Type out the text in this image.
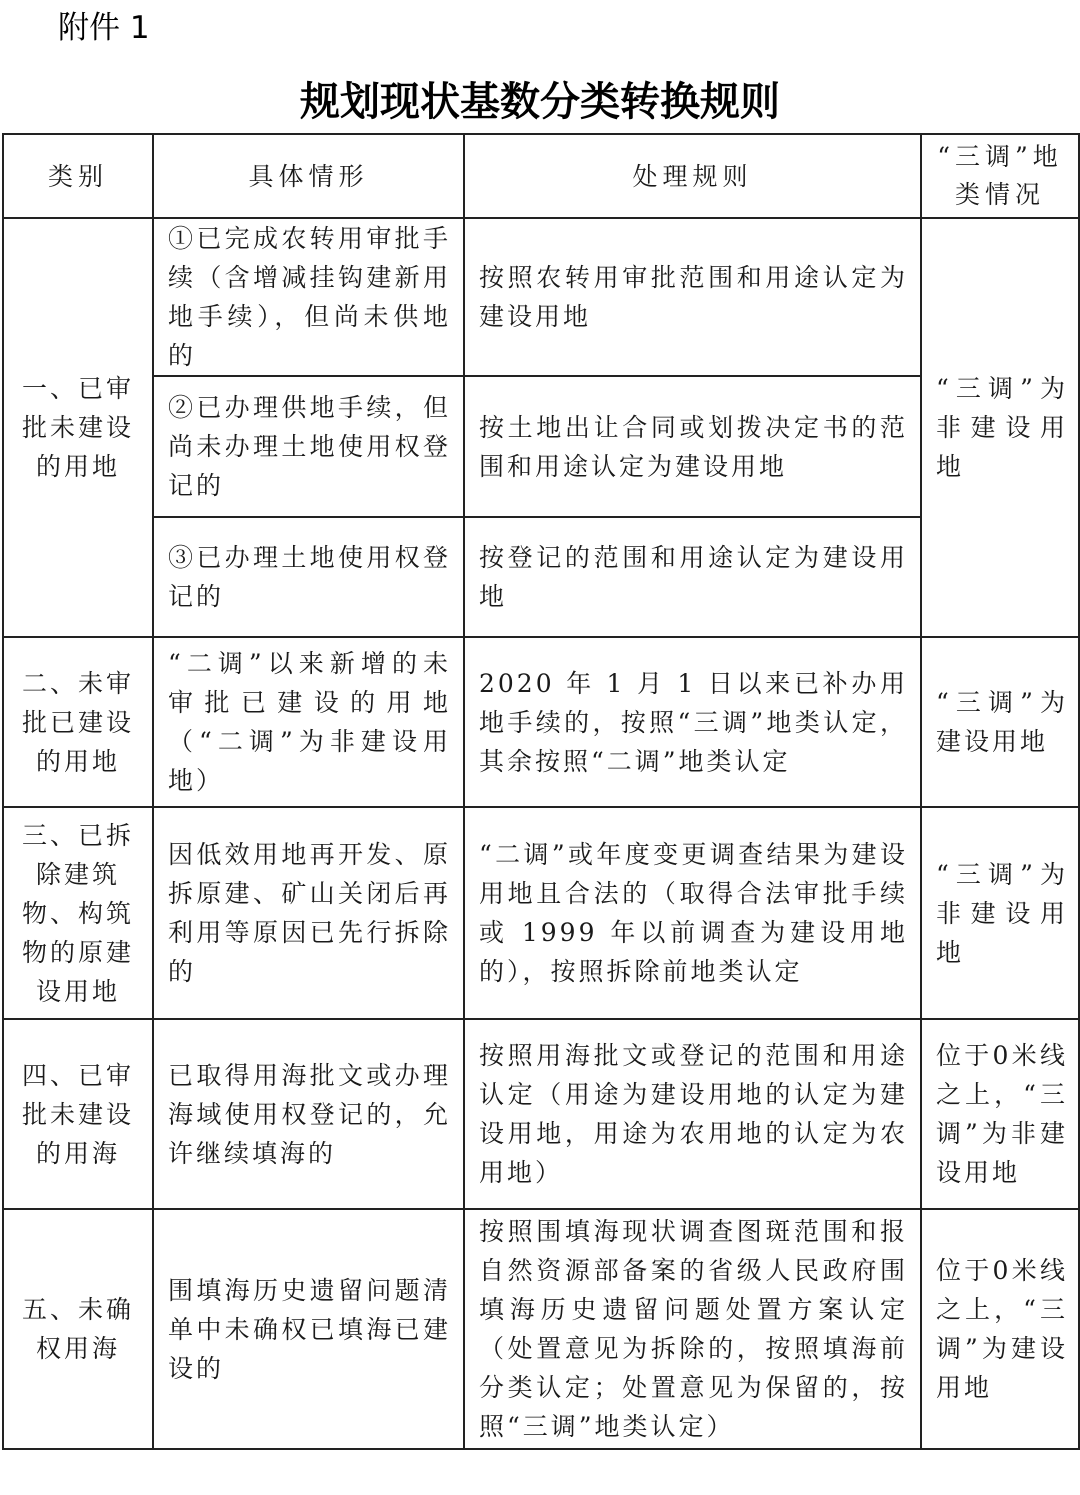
附件 1
规划现状基数分类转换规则
类别	具体情形	处理规则	“三调”地类情况
一、已审批未建设的用地	①已完成农转用审批手续（含增减挂钩建新用地手续），但尚未供地的	按照农转用审批范围和用途认定为建设用地	“三调”为非建设用地
	②已办理供地手续，但尚未办理土地使用权登记的	按土地出让合同或划拨决定书的范围和用途认定为建设用地	
	③已办理土地使用权登记的	按登记的范围和用途认定为建设用地	
二、未审批已建设的用地	“二调”以来新增的未审批已建设的用地（“二调”为非建设用地）	2020 年 1 月 1 日以来已补办用地手续的，按照“三调”地类认定，其余按照“二调”地类认定	“三调”为建设用地
三、已拆除建筑物、构筑物的原建设用地	因低效用地再开发、原拆原建、矿山关闭后再利用等原因已先行拆除的	“二调”或年度变更调查结果为建设用地且合法的（取得合法审批手续或 1999 年以前调查为建设用地的），按照拆除前地类认定	“三调”为非建设用地
四、已审批未建设的用海	已取得用海批文或办理海域使用权登记的，允许继续填海的	按照用海批文或登记的范围和用途认定（用途为建设用地的认定为建设用地，用途为农用地的认定为农用地）	位于0米线之上，“三调”为非建设用地
五、未确权用海	围填海历史遗留问题清单中未确权已填海已建设的	按照围填海现状调查图斑范围和报自然资源部备案的省级人民政府围填海历史遗留问题处置方案认定（处置意见为拆除的，按照填海前分类认定；处置意见为保留的，按照“三调”地类认定）	位于0米线之上，“三调”为建设用地
